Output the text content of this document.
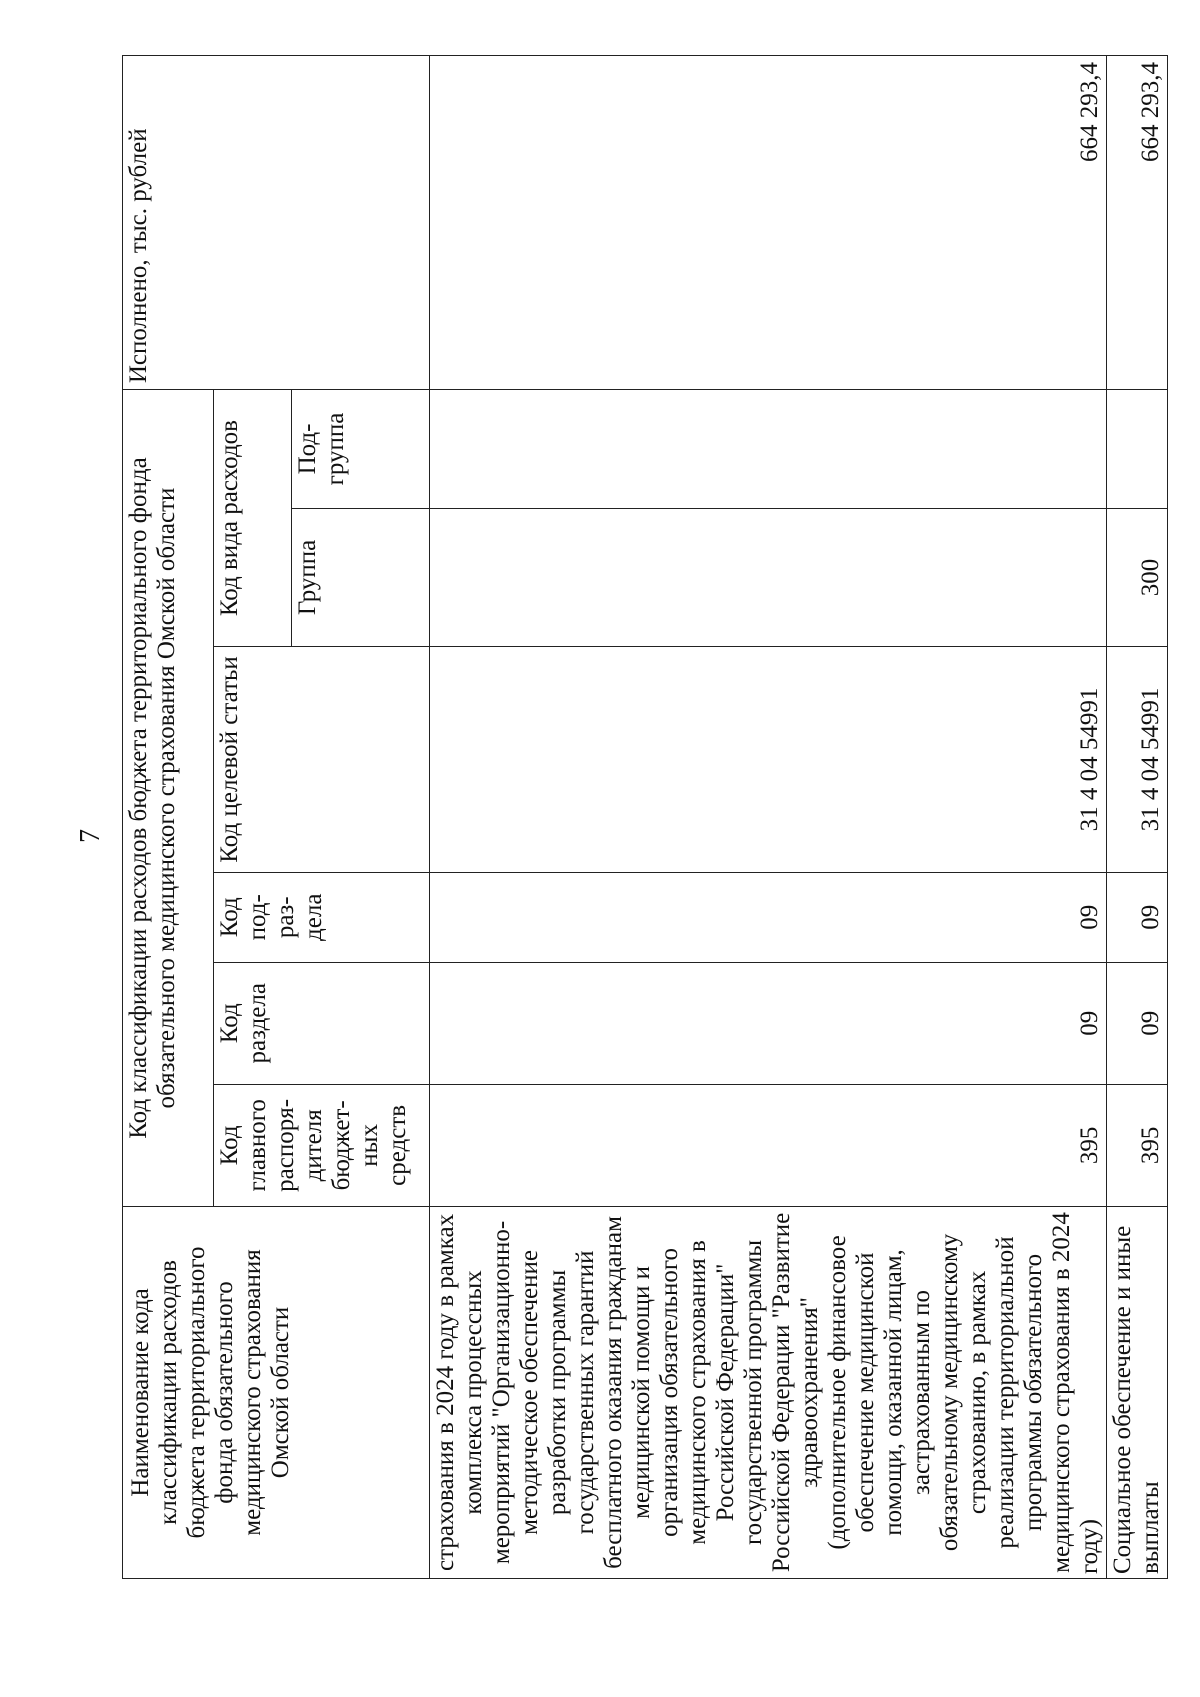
7
Наименование кода классификации расходов бюджета территориального фонда обязательного медицинского страхования Омской области	Код классификации расходов бюджета территориального фонда обязательного медицинского страхования Омской области						Исполнено, тыс. рублей
	Код главного распоря-дителя бюджет-ных средств	Код раздела	Код под-раз-дела	Код целевой статьи	Код вида расходов		
					Группа	Под-группа	
страхования в 2024 году в рамках комплекса процессных мероприятий "Организационно-методическое обеспечение разработки программы государственных гарантий бесплатного оказания гражданам медицинской помощи и организация обязательного медицинского страхования в Российской Федерации" государственной программы Российской Федерации "Развитие здравоохранения" (дополнительное финансовое обеспечение медицинской помощи, оказанной лицам, застрахованным по обязательному медицинскому страхованию, в рамках реализации территориальной программы обязательного медицинского страхования в 2024 году)	395	09	09	31 4 04 54991			664 293,4
Социальное обеспечение и иные выплаты	395	09	09	31 4 04 54991	300		664 293,4
